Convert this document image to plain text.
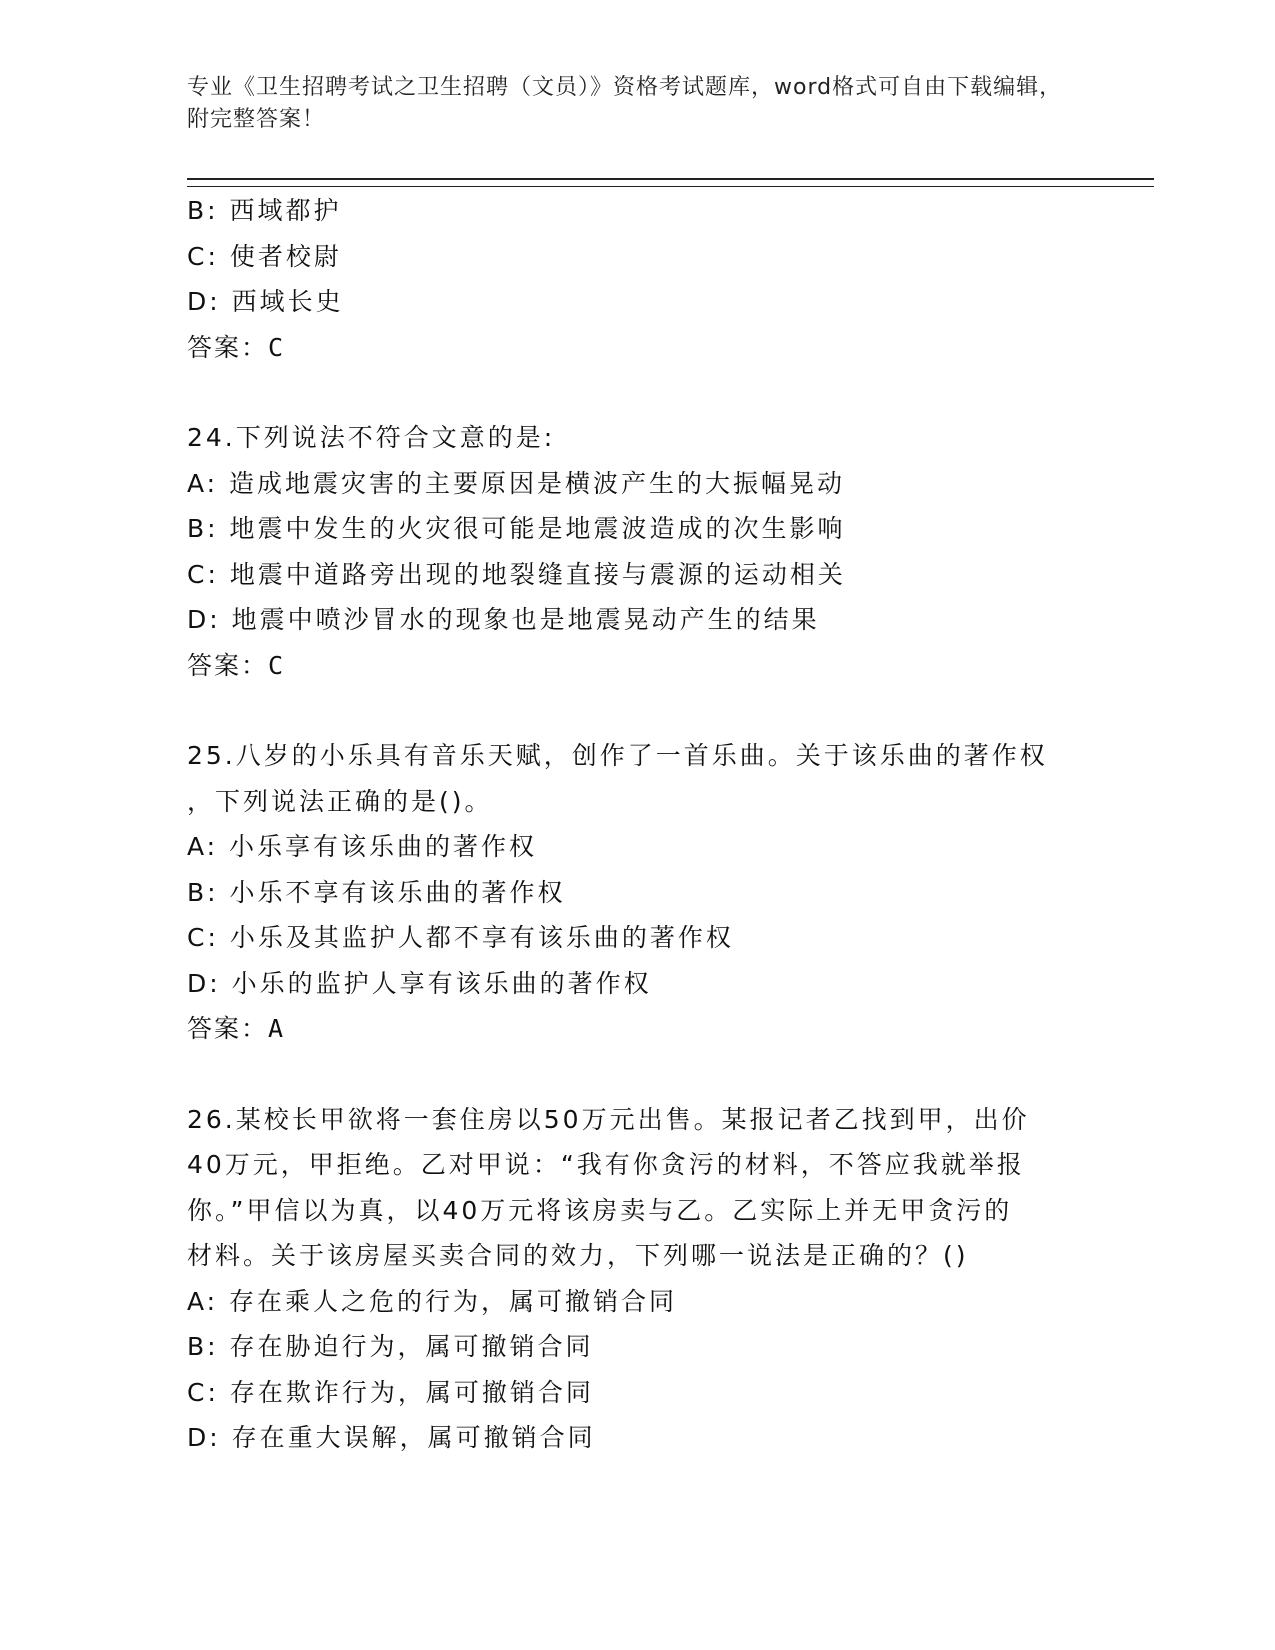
专业《卫生招聘考试之卫生招聘（文员）》资格考试题库，word格式可自由下载编辑，附完整答案！
B: 西域都护
C: 使者校尉
D: 西域长史
答案：C
24.下列说法不符合文意的是:
A: 造成地震灾害的主要原因是横波产生的大振幅晃动
B: 地震中发生的火灾很可能是地震波造成的次生影响
C: 地震中道路旁出现的地裂缝直接与震源的运动相关
D: 地震中喷沙冒水的现象也是地震晃动产生的结果
答案：C
25.八岁的小乐具有音乐天赋，创作了一首乐曲。关于该乐曲的著作权
，下列说法正确的是()。
A: 小乐享有该乐曲的著作权
B: 小乐不享有该乐曲的著作权
C: 小乐及其监护人都不享有该乐曲的著作权
D: 小乐的监护人享有该乐曲的著作权
答案：A
26.某校长甲欲将一套住房以50万元出售。某报记者乙找到甲，出价
40万元，甲拒绝。乙对甲说：“我有你贪污的材料，不答应我就举报
你。”甲信以为真，以40万元将该房卖与乙。乙实际上并无甲贪污的
材料。关于该房屋买卖合同的效力，下列哪一说法是正确的？()
A: 存在乘人之危的行为，属可撤销合同
B: 存在胁迫行为，属可撤销合同
C: 存在欺诈行为，属可撤销合同
D: 存在重大误解，属可撤销合同
